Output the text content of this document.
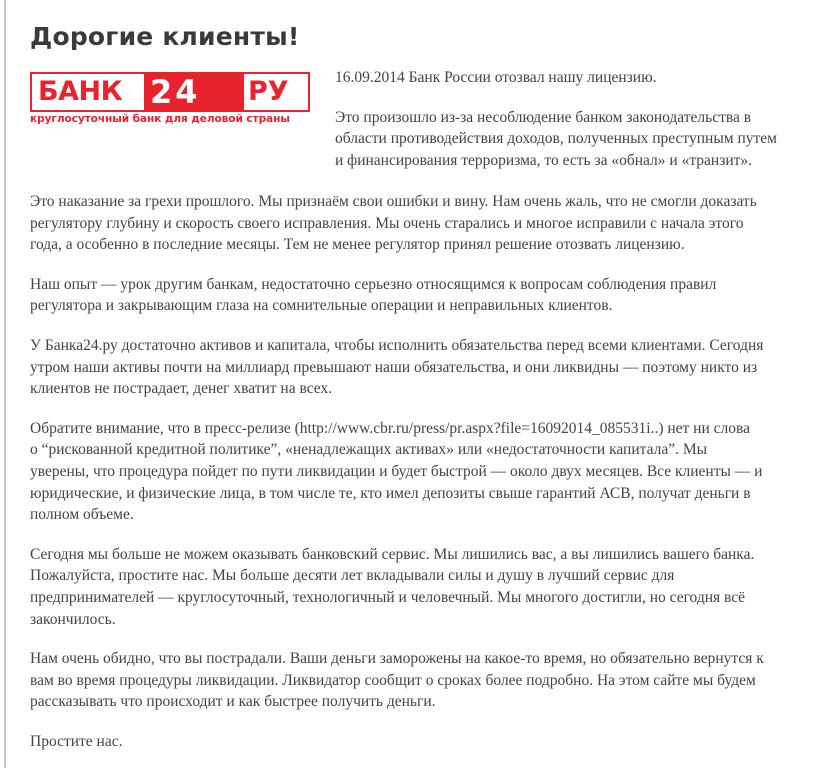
Дорогие клиенты!
БАНК 24 РУ
круглосуточный банк для деловой страны

16.09.2014 Банк России отозвал нашу лицензию.

Это произошло из-за несоблюдение банком законодательства в
области противодействия доходов, полученных преступным путем
и финансирования терроризма, то есть за «обнал» и «транзит».

Это наказание за грехи прошлого. Мы признаём свои ошибки и вину. Нам очень жаль, что не смогли доказать
регулятору глубину и скорость своего исправления. Мы очень старались и многое исправили с начала этого
года, а особенно в последние месяцы. Тем не менее регулятор принял решение отозвать лицензию.

Наш опыт — урок другим банкам, недостаточно серьезно относящимся к вопросам соблюдения правил
регулятора и закрывающим глаза на сомнительные операции и неправильных клиентов.

У Банка24.ру достаточно активов и капитала, чтобы исполнить обязательства перед всеми клиентами. Сегодня
утром наши активы почти на миллиард превышают наши обязательства, и они ликвидны — поэтому никто из
клиентов не пострадает, денег хватит на всех.

Обратите внимание, что в пресс-релизе (http://www.cbr.ru/press/pr.aspx?file=16092014_085531i..) нет ни слова
о “рискованной кредитной политике”, «ненадлежащих активах» или «недостаточности капитала”. Мы
уверены, что процедура пойдет по пути ликвидации и будет быстрой — около двух месяцев. Все клиенты — и
юридические, и физические лица, в том числе те, кто имел депозиты свыше гарантий АСВ, получат деньги в
полном объеме.

Сегодня мы больше не можем оказывать банковский сервис. Мы лишились вас, а вы лишились вашего банка.
Пожалуйста, простите нас. Мы больше десяти лет вкладывали силы и душу в лучший сервис для
предпринимателей — круглосуточный, технологичный и человечный. Мы многого достигли, но сегодня всё
закончилось.

Нам очень обидно, что вы пострадали. Ваши деньги заморожены на какое-то время, но обязательно вернутся к
вам во время процедуры ликвидации. Ликвидатор сообщит о сроках более подробно. На этом сайте мы будем
рассказывать что происходит и как быстрее получить деньги.

Простите нас.
